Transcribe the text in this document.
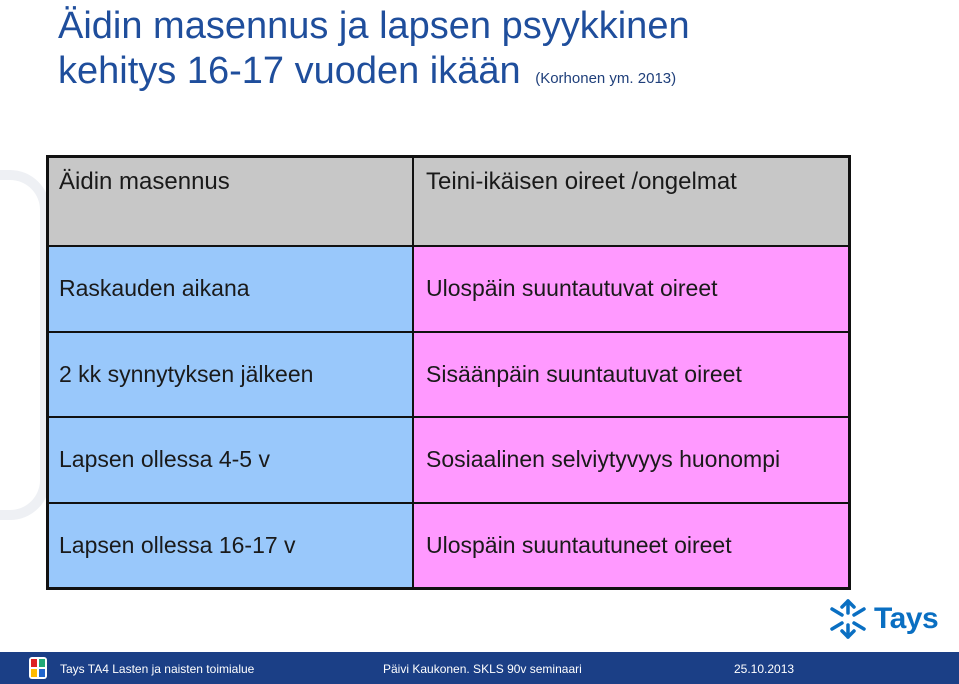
Äidin masennus ja lapsen psyykkinen
kehitys 16-17 vuoden ikään (Korhonen ym. 2013)
Äidin masennus	Teini-ikäisen oireet /ongelmat
Raskauden aikana	Ulospäin suuntautuvat oireet
2 kk synnytyksen jälkeen	Sisäänpäin suuntautuvat oireet
Lapsen ollessa 4-5 v	Sosiaalinen selviytyvyys huonompi
Lapsen ollessa 16-17 v	Ulospäin suuntautuneet oireet
Tays
Tays TA4 Lasten ja naisten toimialue	Päivi Kaukonen. SKLS 90v seminaari	25.10.2013
